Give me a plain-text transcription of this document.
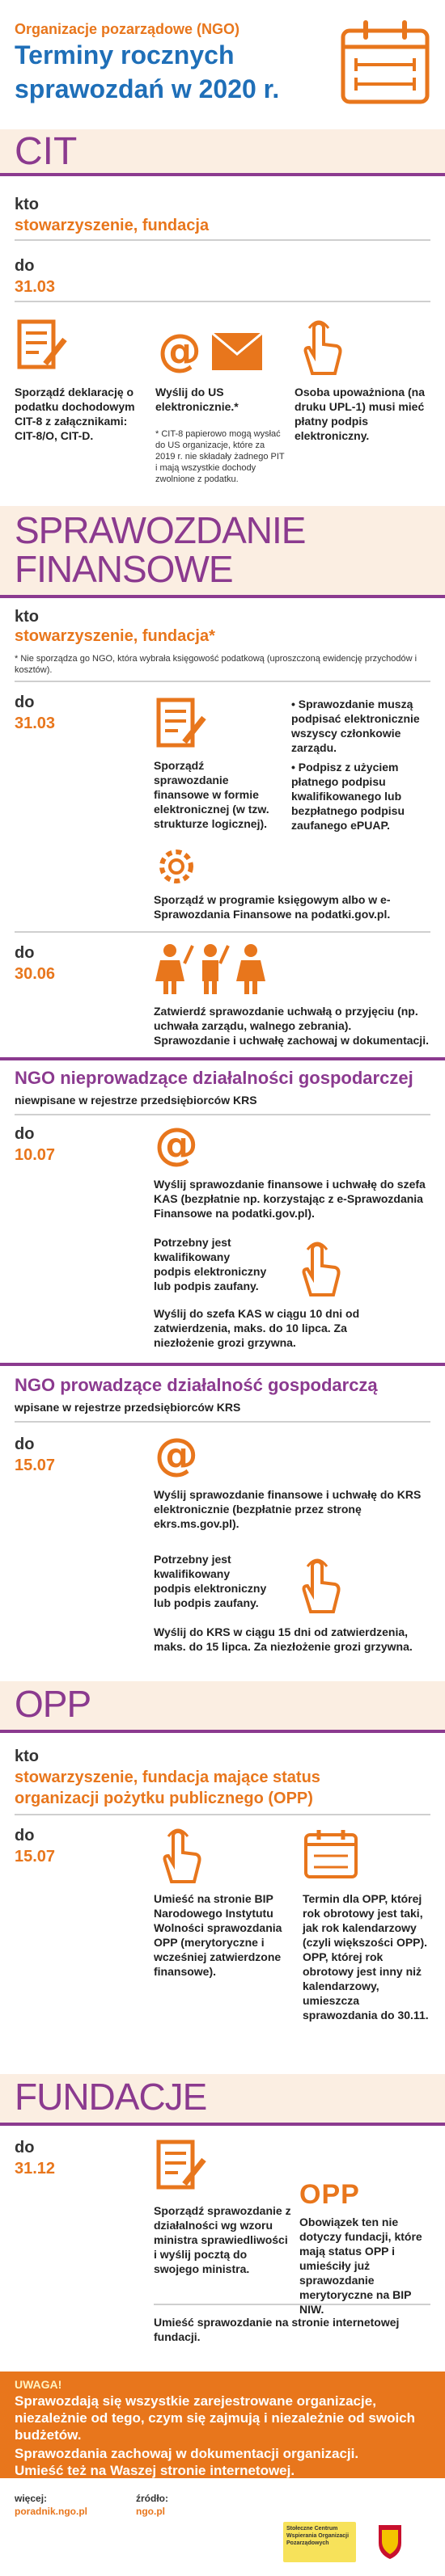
Organizacje pozarządowe (NGO)
Terminy rocznych
sprawozdań w 2020 r.
CIT
kto
stowarzyszenie, fundacja
do
31.03
@
Sporządź deklarację o podatku dochodowym CIT-8 z załącznikami: CIT-8/O, CIT-D.
Wyślij do US elektronicznie.*
* CIT-8 papierowo mogą wysłać do US organizacje, które za 2019 r. nie składały żadnego PIT i mają wszystkie dochody zwolnione z podatku.
Osoba upoważniona (na druku UPL-1) musi mieć płatny podpis elektroniczny.
SPRAWOZDANIE
FINANSOWE
kto
stowarzyszenie, fundacja*
* Nie sporządza go NGO, która wybrała księgowość podatkową (uproszczoną ewidencję przychodów i kosztów).
do
31.03
Sporządź sprawozdanie finansowe w formie elektronicznej (w tzw. strukturze logicznej).
• Sprawozdanie muszą podpisać elektronicznie wszyscy członkowie zarządu.
• Podpisz z użyciem płatnego podpisu kwalifikowanego lub bezpłatnego podpisu zaufanego ePUAP.
Sporządź w programie księgowym albo w e-Sprawozdania Finansowe na podatki.gov.pl.
do
30.06
Zatwierdź sprawozdanie uchwałą o przyjęciu (np. uchwała zarządu, walnego zebrania). Sprawozdanie i uchwałę zachowaj w dokumentacji.
NGO nieprowadzące działalności gospodarczej
niewpisane w rejestrze przedsiębiorców KRS
do
10.07 @
Wyślij sprawozdanie finansowe i uchwałę do szefa KAS (bezpłatnie np. korzystając z e-Sprawozdania Finansowe na podatki.gov.pl).
Potrzebny jest kwalifikowany podpis elektroniczny lub podpis zaufany.
Wyślij do szefa KAS w ciągu 10 dni od zatwierdzenia, maks. do 10 lipca. Za niezłożenie grozi grzywna.
NGO prowadzące działalność gospodarczą
wpisane w rejestrze przedsiębiorców KRS
do
15.07 @
Wyślij sprawozdanie finansowe i uchwałę do KRS elektronicznie (bezpłatnie przez stronę ekrs.ms.gov.pl).
Potrzebny jest kwalifikowany podpis elektroniczny lub podpis zaufany.
Wyślij do KRS w ciągu 15 dni od zatwierdzenia, maks. do 15 lipca. Za niezłożenie grozi grzywna.
OPP
kto
stowarzyszenie, fundacja mające status
organizacji pożytku publicznego (OPP)
do
15.07
Umieść na stronie BIP Narodowego Instytutu Wolności sprawozdania OPP (merytoryczne i wcześniej zatwierdzone finansowe).
Termin dla OPP, której rok obrotowy jest taki, jak rok kalendarzowy (czyli większości OPP). OPP, której rok obrotowy jest inny niż kalendarzowy, umieszcza sprawozdania do 30.11.
FUNDACJE
do
31.12
OPP
Sporządź sprawozdanie z działalności wg wzoru ministra sprawiedliwości i wyślij pocztą do swojego ministra.
Obowiązek ten nie dotyczy fundacji, które mają status OPP i umieściły już sprawozdanie merytoryczne na BIP NIW.
Umieść sprawozdanie na stronie internetowej fundacji.
UWAGA!
Sprawozdają się wszystkie zarejestrowane organizacje, niezależnie od tego, czym się zajmują i niezależnie od swoich budżetów.
Sprawozdania zachowaj w dokumentacji organizacji. Umieść też na Waszej stronie internetowej.
więcej:
poradnik.ngo.pl
źródło:
ngo.pl
Stołeczne Centrum Wspierania Organizacji Pozarządowych
